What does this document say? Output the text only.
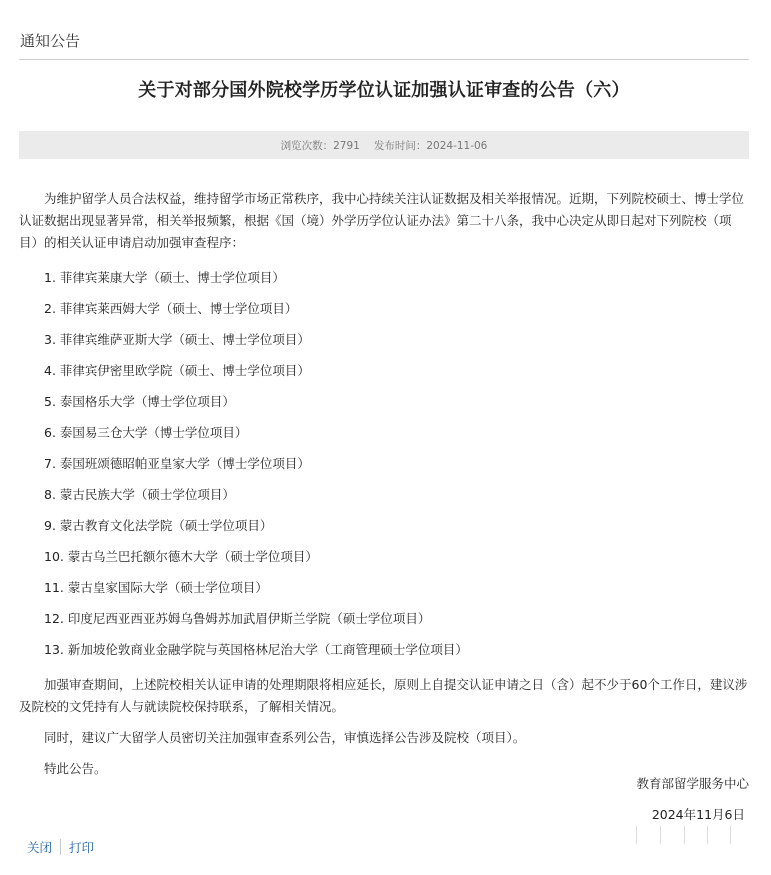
通知公告
关于对部分国外院校学历学位认证加强认证审查的公告（六）
浏览次数：2791 发布时间：2024-11-06

为维护留学人员合法权益，维持留学市场正常秩序，我中心持续关注认证数据及相关举报情况。近期，下列院校硕士、博士学位认证数据出现显著异常，相关举报频繁，根据《国（境）外学历学位认证办法》第二十八条，我中心决定从即日起对下列院校（项目）的相关认证申请启动加强审查程序：

1. 菲律宾莱康大学（硕士、博士学位项目）
2. 菲律宾莱西姆大学（硕士、博士学位项目）
3. 菲律宾维萨亚斯大学（硕士、博士学位项目）
4. 菲律宾伊密里欧学院（硕士、博士学位项目）
5. 泰国格乐大学（博士学位项目）
6. 泰国易三仓大学（博士学位项目）
7. 泰国班颂德昭帕亚皇家大学（博士学位项目）
8. 蒙古民族大学（硕士学位项目）
9. 蒙古教育文化法学院（硕士学位项目）
10. 蒙古乌兰巴托额尔德木大学（硕士学位项目）
11. 蒙古皇家国际大学（硕士学位项目）
12. 印度尼西亚西亚苏姆乌鲁姆苏加武眉伊斯兰学院（硕士学位项目）
13. 新加坡伦敦商业金融学院与英国格林尼治大学（工商管理硕士学位项目）

加强审查期间，上述院校相关认证申请的处理期限将相应延长，原则上自提交认证申请之日（含）起不少于60个工作日，建议涉及院校的文凭持有人与就读院校保持联系，了解相关情况。

同时，建议广大留学人员密切关注加强审查系列公告，审慎选择公告涉及院校（项目）。

特此公告。

教育部留学服务中心
2024年11月6日
关闭 打印
